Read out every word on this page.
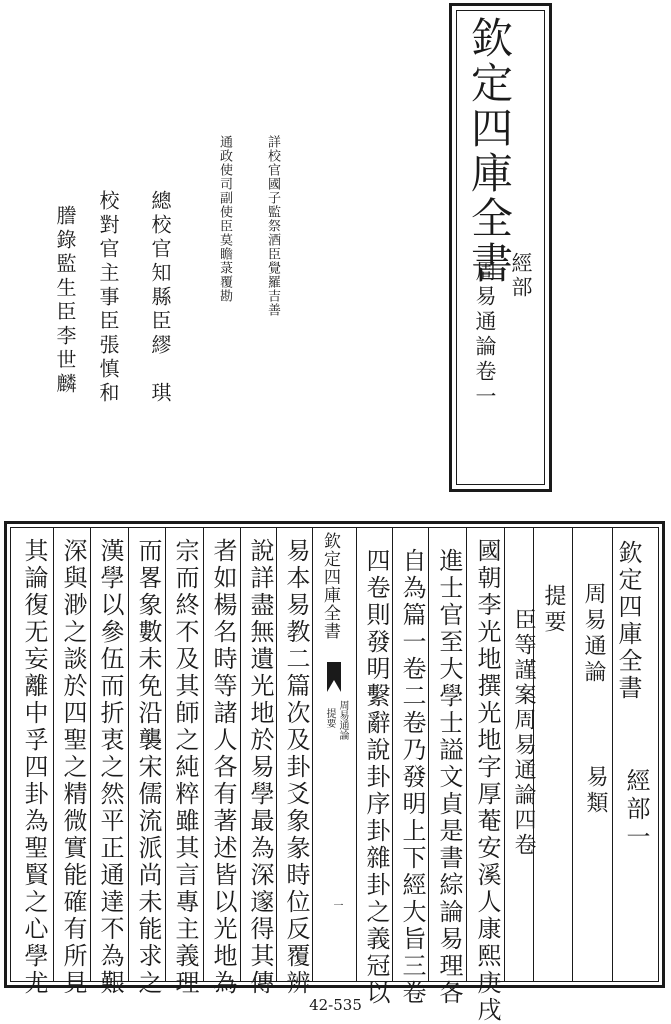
欽定四庫全書
經部
周易通論卷一
詳校官國子監祭酒臣覺羅吉善
通政使司副使臣莫瞻菉覆勘
總校官知縣臣繆　琪
校對官主事臣張慎和
謄錄監生臣李世麟
欽定四庫全書
經部一
周易通論
易類
提要
臣等謹案周易通論四卷
國朝李光地撰光地字厚菴安溪人康熙庚戌
進士官至大學士謚文貞是書綜論易理各
自為篇一卷二卷乃發明上下經大旨三卷
四卷則發明繫辭說卦序卦雜卦之義冠以
易本易教二篇次及卦爻象彖時位反覆辨
說詳盡無遺光地於易學最為深邃得其傳
者如楊名時等諸人各有著述皆以光地為
宗而終不及其師之純粹雖其言專主義理
而畧象數未免沿襲宋儒流派尚未能求之
漢學以參伍而折衷之然平正通達不為艱
深與渺之談於四聖之精微實能確有所見
其論復无妄離中孚四卦為聖賢之心學尤	欽定四庫全書
周易通論
提要
一
42-535
